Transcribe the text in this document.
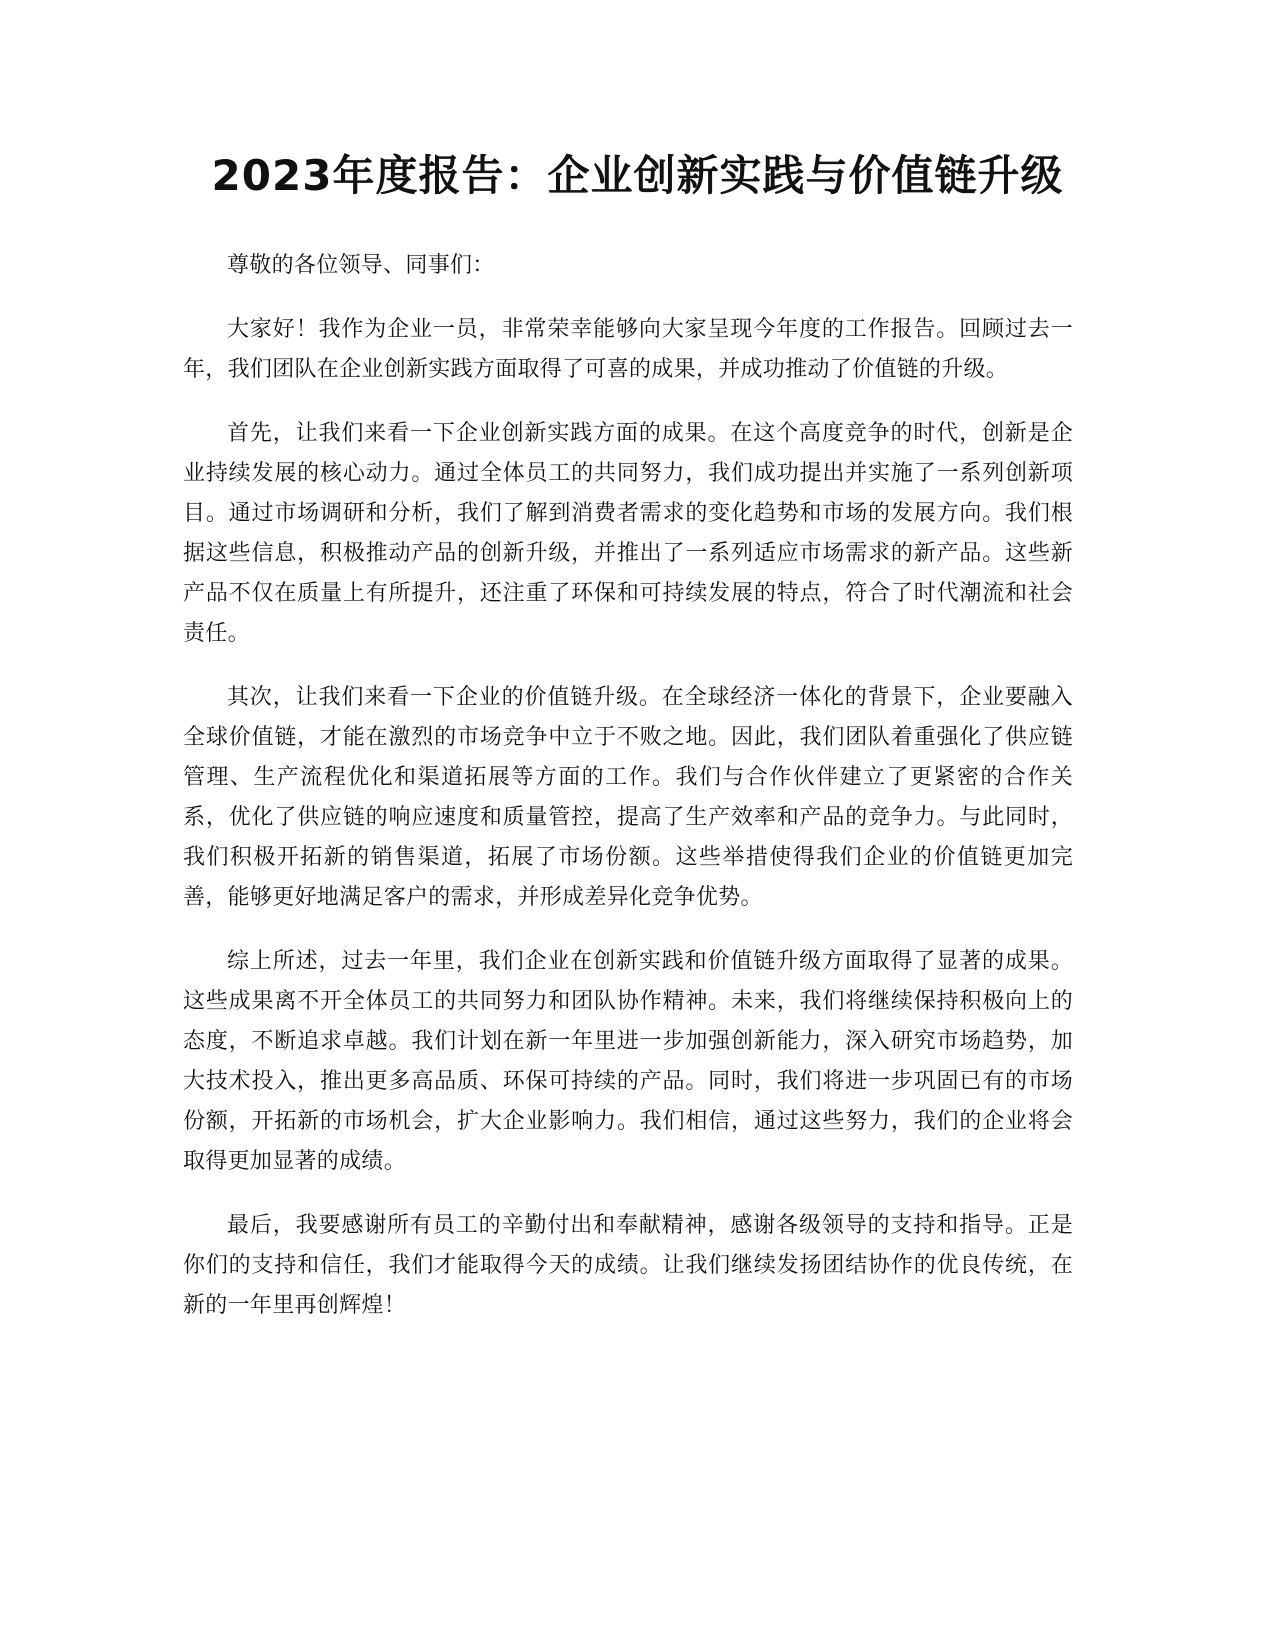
2023年度报告：企业创新实践与价值链升级

尊敬的各位领导、同事们：

大家好！我作为企业一员，非常荣幸能够向大家呈现今年度的工作报告。回顾过去一年，我们团队在企业创新实践方面取得了可喜的成果，并成功推动了价值链的升级。

首先，让我们来看一下企业创新实践方面的成果。在这个高度竞争的时代，创新是企业持续发展的核心动力。通过全体员工的共同努力，我们成功提出并实施了一系列创新项目。通过市场调研和分析，我们了解到消费者需求的变化趋势和市场的发展方向。我们根据这些信息，积极推动产品的创新升级，并推出了一系列适应市场需求的新产品。这些新产品不仅在质量上有所提升，还注重了环保和可持续发展的特点，符合了时代潮流和社会责任。

其次，让我们来看一下企业的价值链升级。在全球经济一体化的背景下，企业要融入全球价值链，才能在激烈的市场竞争中立于不败之地。因此，我们团队着重强化了供应链管理、生产流程优化和渠道拓展等方面的工作。我们与合作伙伴建立了更紧密的合作关系，优化了供应链的响应速度和质量管控，提高了生产效率和产品的竞争力。与此同时，我们积极开拓新的销售渠道，拓展了市场份额。这些举措使得我们企业的价值链更加完善，能够更好地满足客户的需求，并形成差异化竞争优势。

综上所述，过去一年里，我们企业在创新实践和价值链升级方面取得了显著的成果。这些成果离不开全体员工的共同努力和团队协作精神。未来，我们将继续保持积极向上的态度，不断追求卓越。我们计划在新一年里进一步加强创新能力，深入研究市场趋势，加大技术投入，推出更多高品质、环保可持续的产品。同时，我们将进一步巩固已有的市场份额，开拓新的市场机会，扩大企业影响力。我们相信，通过这些努力，我们的企业将会取得更加显著的成绩。

最后，我要感谢所有员工的辛勤付出和奉献精神，感谢各级领导的支持和指导。正是你们的支持和信任，我们才能取得今天的成绩。让我们继续发扬团结协作的优良传统，在新的一年里再创辉煌！
